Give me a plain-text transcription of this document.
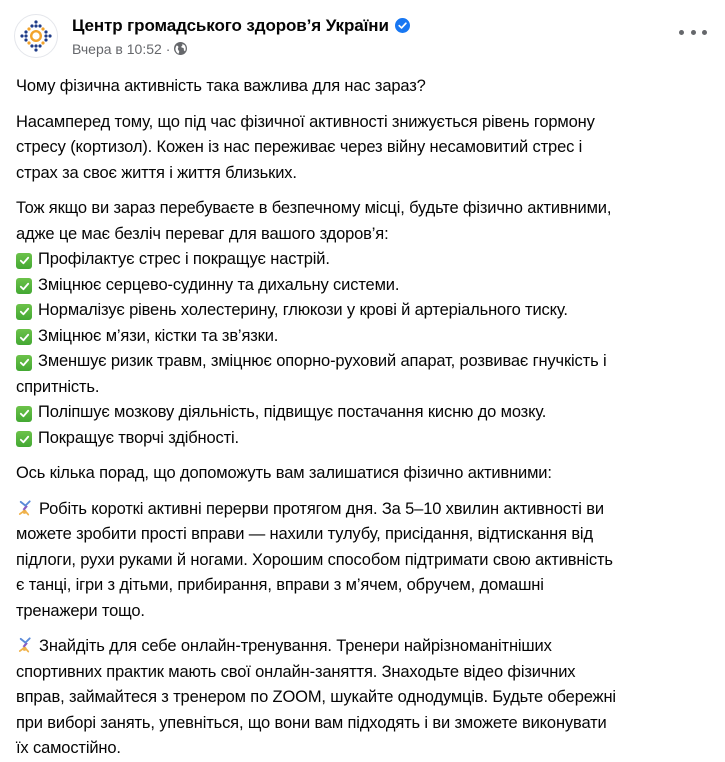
Центр громадського здоров’я України
Вчера в 10:52 ·
Чому фізична активність така важлива для нас зараз?
Насамперед тому, що під час фізичної активності знижується рівень гормону
стресу (кортизол). Кожен із нас переживає через війну несамовитий стрес і
страх за своє життя і життя близьких.
Тож якщо ви зараз перебуваєте в безпечному місці, будьте фізично активними,
адже це має безліч переваг для вашого здоров’я:
Профілактує стрес і покращує настрій.
Зміцнює серцево-судинну та дихальну системи.
Нормалізує рівень холестерину, глюкози у крові й артеріального тиску.
Зміцнює м’язи, кістки та зв’язки.
Зменшує ризик травм, зміцнює опорно-руховий апарат, розвиває гнучкість і
спритність.
Поліпшує мозкову діяльність, підвищує постачання кисню до мозку.
Покращує творчі здібності.
Ось кілька порад, що допоможуть вам залишатися фізично активними:
Робіть короткі активні перерви протягом дня. За 5–10 хвилин активності ви
можете зробити прості вправи — нахили тулубу, присідання, відтискання від
підлоги, рухи руками й ногами. Хорошим способом підтримати свою активність
є танці, ігри з дітьми, прибирання, вправи з м’ячем, обручем, домашні
тренажери тощо.
Знайдіть для себе онлайн-тренування. Тренери найрізноманітніших
спортивних практик мають свої онлайн-заняття. Знаходьте відео фізичних
вправ, займайтеся з тренером по ZOOM, шукайте однодумців. Будьте обережні
при виборі занять, упевніться, що вони вам підходять і ви зможете виконувати
їх самостійно.
